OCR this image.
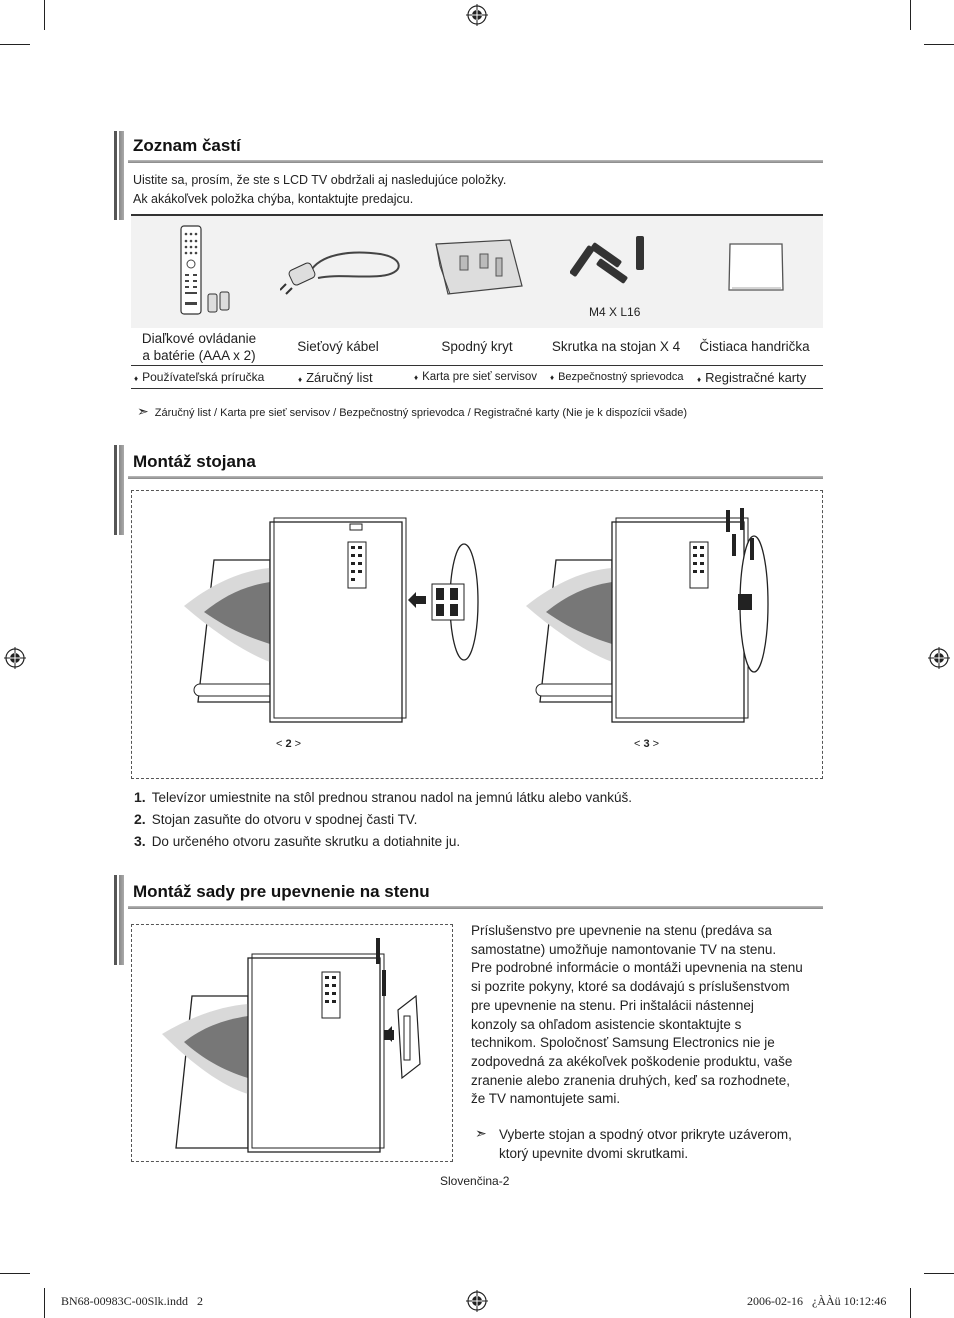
Zoznam častí
Uistite sa, prosím, že ste s LCD TV obdržali aj nasledujúce položky.
Ak akákoľvek položka chýba, kontaktujte predajcu.
M4 X L16
Diaľkové ovládanie
a batérie (AAA x 2)
Sieťový kábel	Spodný kryt	Skrutka na stojan X 4	Čistiaca handrička
♦ Používateľská príručka	♦ Záručný list	♦ Karta pre sieť servisov ♦ Bezpečnostný sprievodca ♦ Registračné karty
➣ Záručný list / Karta pre sieť servisov / Bezpečnostný sprievodca / Registračné karty (Nie je k dispozícii všade)
Montáž stojana
< 2 >	< 3 >
1. Televízor umiestnite na stôl prednou stranou nadol na jemnú látku alebo vankúš.
2. Stojan zasuňte do otvoru v spodnej časti TV.
3. Do určeného otvoru zasuňte skrutku a dotiahnite ju.
Montáž sady pre upevnenie na stenu
Príslušenstvo pre upevnenie na stenu (predáva sa
samostatne) umožňuje namontovanie TV na stenu.
Pre podrobné informácie o montáži upevnenia na stenu
si pozrite pokyny, ktoré sa dodávajú s príslušenstvom
pre upevnenie na stenu. Pri inštalácii nástennej
konzoly sa ohľadom asistencie skontaktujte s
technikom. Spoločnosť Samsung Electronics nie je
zodpovedná za akékoľvek poškodenie produktu, vaše
zranenie alebo zranenia druhých, keď sa rozhodnete,
že TV namontujete sami.
➣ Vyberte stojan a spodný otvor prikryte uzáverom,
ktorý upevnite dvomi skrutkami.
Slovenčina-2
BN68-00983C-00Slk.indd   2	2006-02-16   ¿ÀÀü 10:12:46
